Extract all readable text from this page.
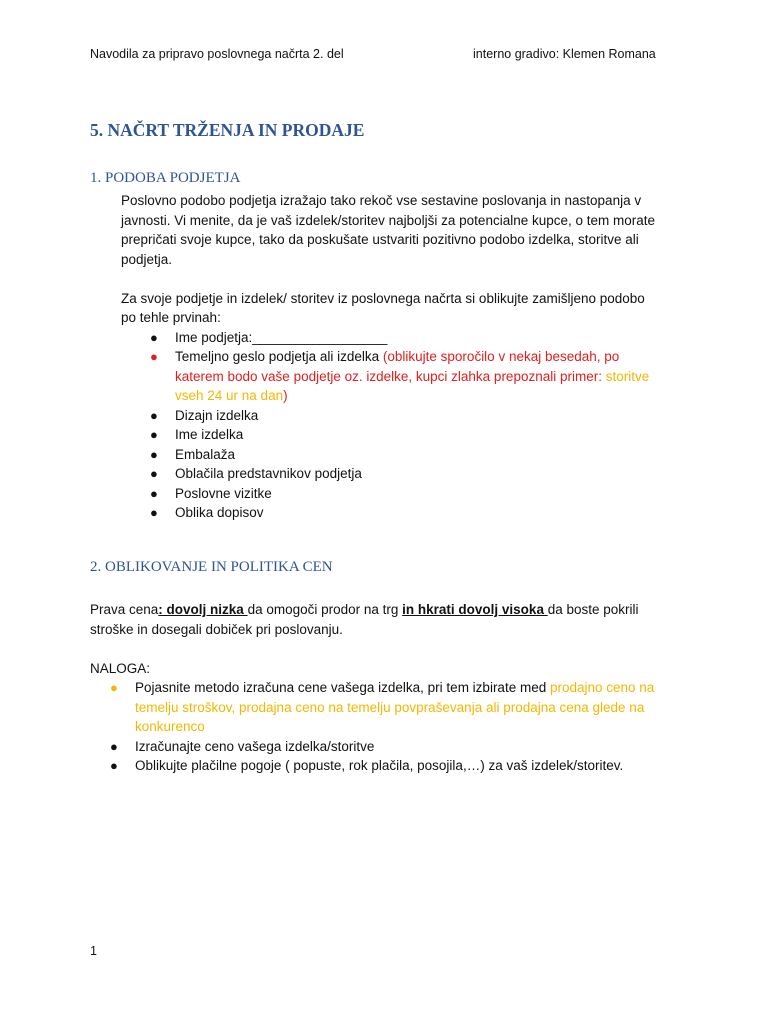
Navodila za pripravo poslovnega načrta 2. del	interno gradivo: Klemen Romana
5. NAČRT TRŽENJA IN PRODAJE
1. PODOBA PODJETJA

Poslovno podobo podjetja izražajo tako rekoč vse sestavine poslovanja in nastopanja v javnosti. Vi menite, da je vaš izdelek/storitev najboljši za potencialne kupce, o tem morate prepričati svoje kupce, tako da poskušate ustvariti pozitivno podobo izdelka, storitve ali podjetja.

Za svoje podjetje in izdelek/ storitev iz poslovnega načrta si oblikujte zamišljeno podobo po tehle prvinah:

● Ime podjetja:__________________
● Temeljno geslo podjetja ali izdelka (oblikujte sporočilo v nekaj besedah, po katerem bodo vaše podjetje oz. izdelke, kupci zlahka prepoznali primer: storitve vseh 24 ur na dan)
● Dizajn izdelka
● Ime izdelka
● Embalaža
● Oblačila predstavnikov podjetja
● Poslovne vizitke
● Oblika dopisov
2. OBLIKOVANJE IN POLITIKA CEN

Prava cena: dovolj nizka da omogoči prodor na trg in hkrati dovolj visoka da boste pokrili stroške in dosegali dobiček pri poslovanju.

NALOGA:

● Pojasnite metodo izračuna cene vašega izdelka, pri tem izbirate med prodajno ceno na temelju stroškov, prodajna ceno na temelju povpraševanja ali prodajna cena glede na konkurenco
● Izračunajte ceno vašega izdelka/storitve
● Oblikujte plačilne pogoje ( popuste, rok plačila, posojila,…) za vaš izdelek/storitev.
1
